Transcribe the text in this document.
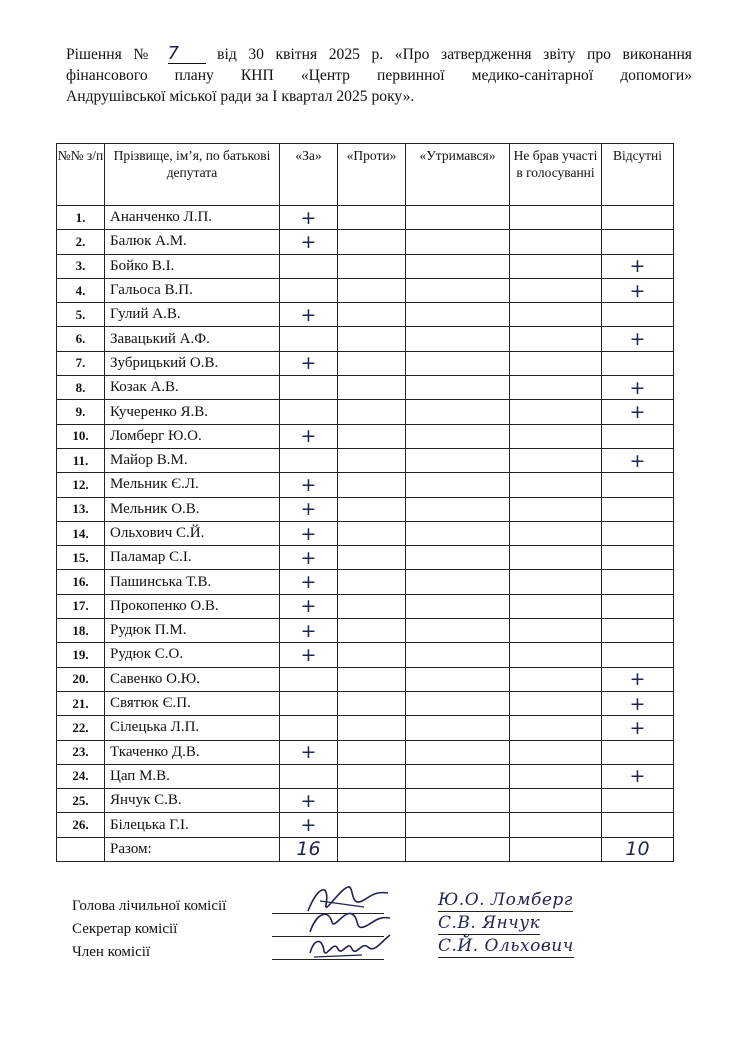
Рішення № 7 від 30 квітня 2025 р. «Про затвердження звіту про виконання
фінансового плану КНП «Центр первинної медико-санітарної допомоги»
Андрушівської міської ради за І квартал 2025 року».
№№ з/п	Прізвище, ім’я, по батькові депутата	«За»	«Проти»	«Утримався»	Не брав участі в голосуванні	Відсутні
1.	Ананченко Л.П.	+				
2.	Балюк А.М.	+				
3.	Бойко В.І.					+
4.	Гальоса В.П.					+
5.	Гулий А.В.	+				
6.	Завацький А.Ф.					+
7.	Зубрицький О.В.	+				
8.	Козак А.В.					+
9.	Кучеренко Я.В.					+
10.	Ломберг Ю.О.	+				
11.	Майор В.М.					+
12.	Мельник Є.Л.	+				
13.	Мельник О.В.	+				
14.	Ольхович С.Й.	+				
15.	Паламар С.І.	+				
16.	Пашинська Т.В.	+				
17.	Прокопенко О.В.	+				
18.	Рудюк П.М.	+				
19.	Рудюк С.О.	+				
20.	Савенко О.Ю.					+
21.	Святюк Є.П.					+
22.	Сілецька Л.П.					+
23.	Ткаченко Д.В.	+				
24.	Цап М.В.					+
25.	Янчук С.В.	+				
26.	Білецька Г.І.	+				
	Разом:	16				10
Голова лічильної комісії	Ю.О. Ломберг
Секретар комісії	С.В. Янчук
Член комісії	С.Й. Ольхович
